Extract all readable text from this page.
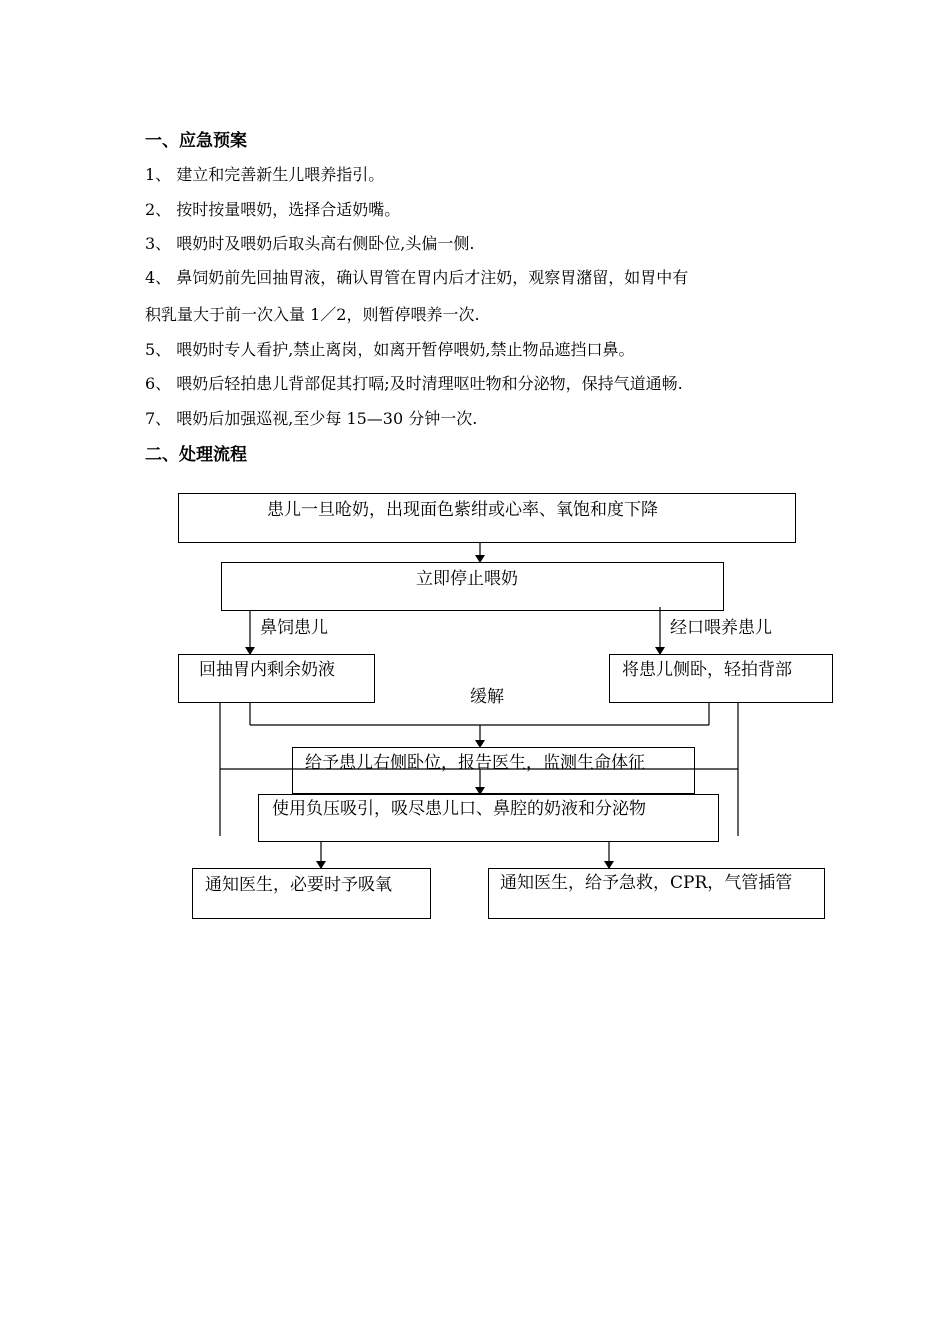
一、应急预案
1、 建立和完善新生儿喂养指引。
2、 按时按量喂奶，选择合适奶嘴。
3、 喂奶时及喂奶后取头高右侧卧位,头偏一侧.
4、 鼻饲奶前先回抽胃液，确认胃管在胃内后才注奶，观察胃潴留，如胃中有
积乳量大于前一次入量 1／2，则暂停喂养一次.
5、 喂奶时专人看护,禁止离岗，如离开暂停喂奶,禁止物品遮挡口鼻。
6、 喂奶后轻拍患儿背部促其打嗝;及时清理呕吐物和分泌物，保持气道通畅.
7、 喂奶后加强巡视,至少每 15—30 分钟一次.
二、处理流程
患儿一旦呛奶，出现面色紫绀或心率、氧饱和度下降
立即停止喂奶
鼻饲患儿	经口喂养患儿
回抽胃内剩余奶液	将患儿侧卧，轻拍背部
缓解
给予患儿右侧卧位，报告医生，监测生命体征
使用负压吸引，吸尽患儿口、鼻腔的奶液和分泌物
通知医生，必要时予吸氧	通知医生，给予急救，CPR，气管插管
